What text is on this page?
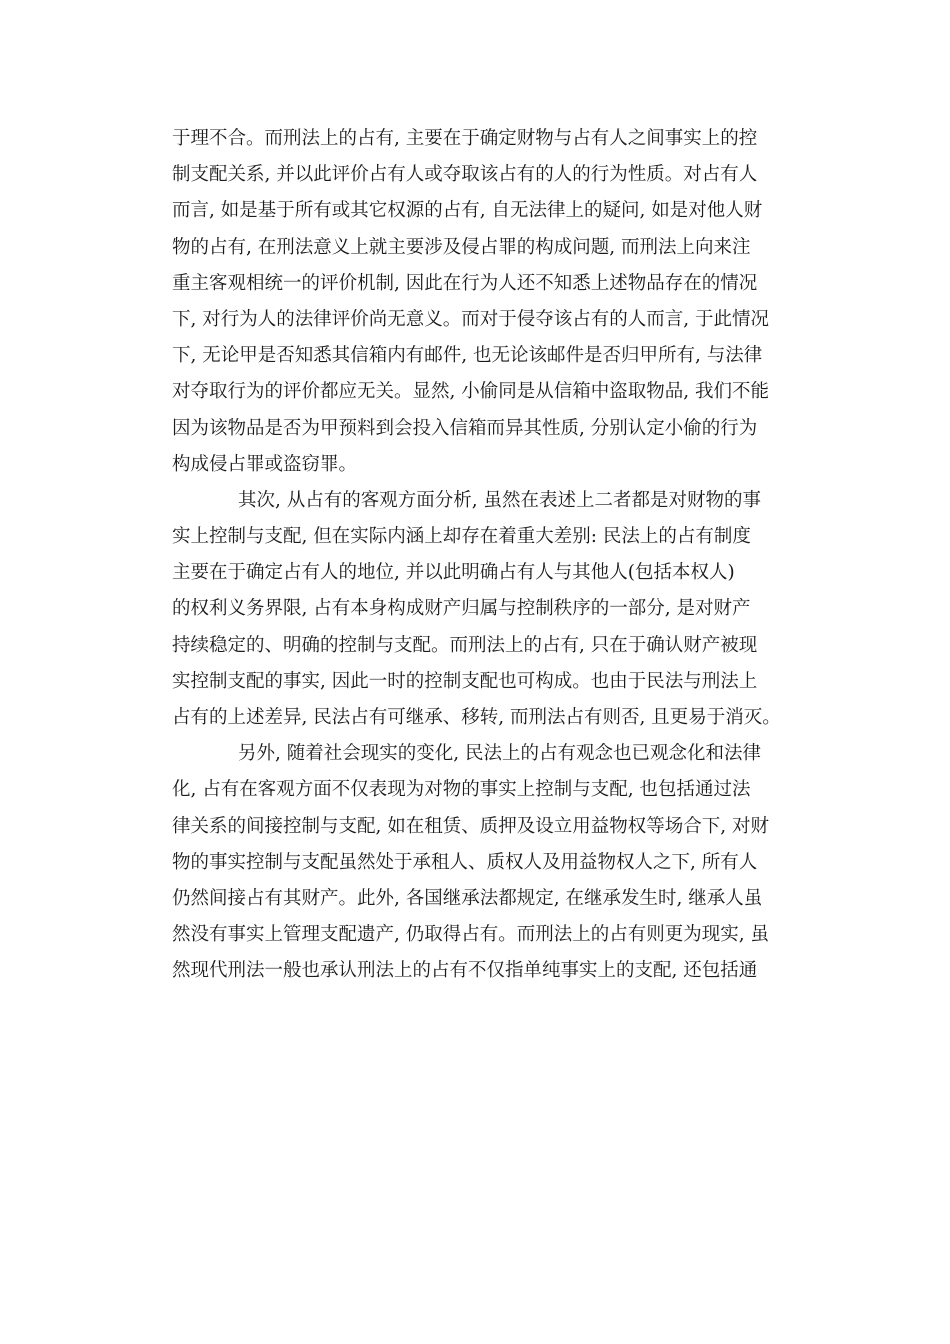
于理不合。而刑法上的占有, 主要在于确定财物与占有人之间事实上的控
制支配关系, 并以此评价占有人或夺取该占有的人的行为性质。对占有人
而言, 如是基于所有或其它权源的占有, 自无法律上的疑问, 如是对他人财
物的占有, 在刑法意义上就主要涉及侵占罪的构成问题, 而刑法上向来注
重主客观相统一的评价机制, 因此在行为人还不知悉上述物品存在的情况
下, 对行为人的法律评价尚无意义。而对于侵夺该占有的人而言, 于此情况
下, 无论甲是否知悉其信箱内有邮件, 也无论该邮件是否归甲所有, 与法律
对夺取行为的评价都应无关。显然, 小偷同是从信箱中盗取物品, 我们不能
因为该物品是否为甲预料到会投入信箱而异其性质, 分别认定小偷的行为
构成侵占罪或盗窃罪。
其次, 从占有的客观方面分析, 虽然在表述上二者都是对财物的事
实上控制与支配, 但在实际内涵上却存在着重大差别: 民法上的占有制度
主要在于确定占有人的地位, 并以此明确占有人与其他人(包括本权人)
的权利义务界限, 占有本身构成财产归属与控制秩序的一部分, 是对财产
持续稳定的、明确的控制与支配。而刑法上的占有, 只在于确认财产被现
实控制支配的事实, 因此一时的控制支配也可构成。也由于民法与刑法上
占有的上述差异, 民法占有可继承、移转, 而刑法占有则否, 且更易于消灭。
另外, 随着社会现实的变化, 民法上的占有观念也已观念化和法律
化, 占有在客观方面不仅表现为对物的事实上控制与支配, 也包括通过法
律关系的间接控制与支配, 如在租赁、质押及设立用益物权等场合下, 对财
物的事实控制与支配虽然处于承租人、质权人及用益物权人之下, 所有人
仍然间接占有其财产。此外, 各国继承法都规定, 在继承发生时, 继承人虽
然没有事实上管理支配遗产, 仍取得占有。而刑法上的占有则更为现实, 虽
然现代刑法一般也承认刑法上的占有不仅指单纯事实上的支配, 还包括通
